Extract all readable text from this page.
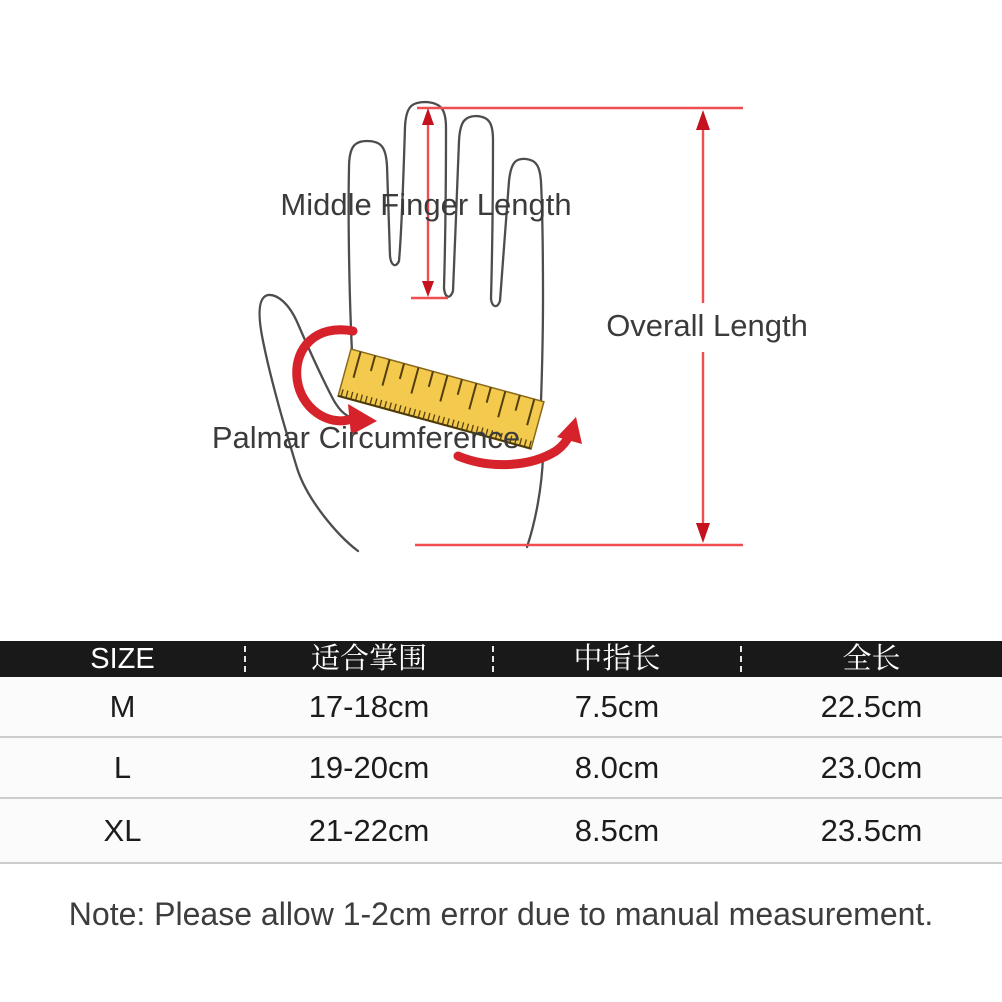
Middle Finger Length
Overall Length
Palmar Circumference
SIZE	适合掌围	中指长	全长
M	17-18cm	7.5cm	22.5cm
L	19-20cm	8.0cm	23.0cm
XL	21-22cm	8.5cm	23.5cm
Note: Please allow 1-2cm error due to manual measurement.
